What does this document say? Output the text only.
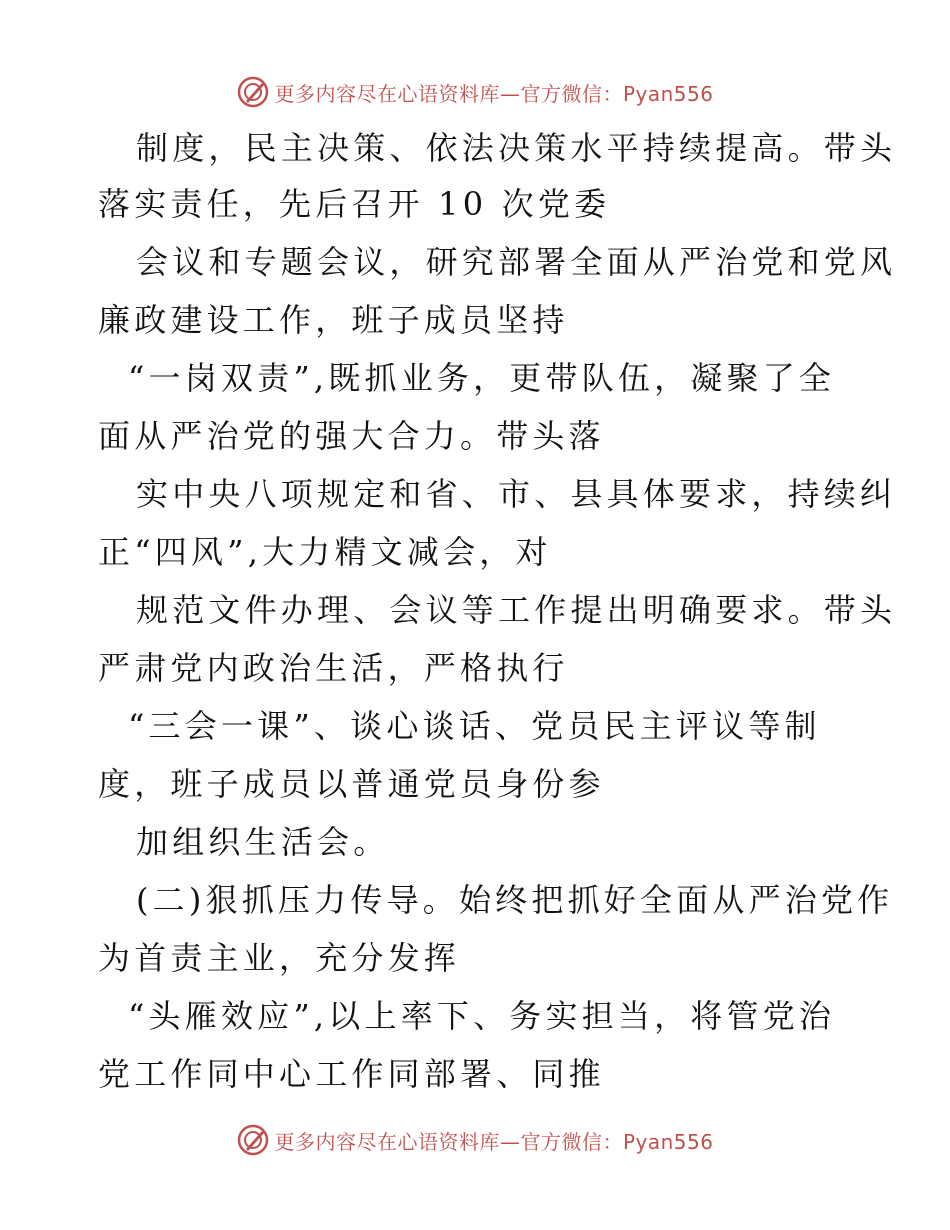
更多内容尽在心语资料库—官方微信：Pyan556
制度，民主决策、依法决策水平持续提高。带头
落实责任，先后召开 10 次党委
会议和专题会议，研究部署全面从严治党和党风
廉政建设工作，班子成员坚持
“一岗双责”,既抓业务，更带队伍，凝聚了全
面从严治党的强大合力。带头落
实中央八项规定和省、市、县具体要求，持续纠
正“四风”,大力精文减会，对
规范文件办理、会议等工作提出明确要求。带头
严肃党内政治生活，严格执行
“三会一课”、谈心谈话、党员民主评议等制
度，班子成员以普通党员身份参
加组织生活会。
(二)狠抓压力传导。始终把抓好全面从严治党作
为首责主业，充分发挥
“头雁效应”,以上率下、务实担当，将管党治
党工作同中心工作同部署、同推
更多内容尽在心语资料库—官方微信：Pyan556
